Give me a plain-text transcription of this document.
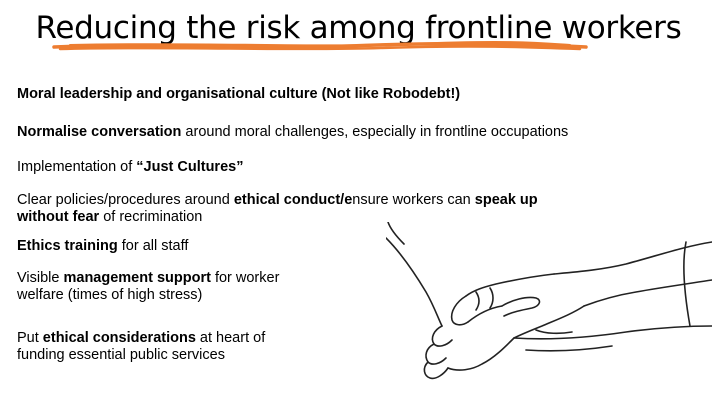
Reducing the risk among frontline workers
Moral leadership and organisational culture (Not like Robodebt!)
Normalise conversation around moral challenges, especially in frontline occupations
Implementation of “Just Cultures”
Clear policies/procedures around ethical conduct/ensure workers can speak up
without fear of recrimination
Ethics training for all staff
Visible management support for worker
welfare (times of high stress)
Put ethical considerations at heart of
funding essential public services
